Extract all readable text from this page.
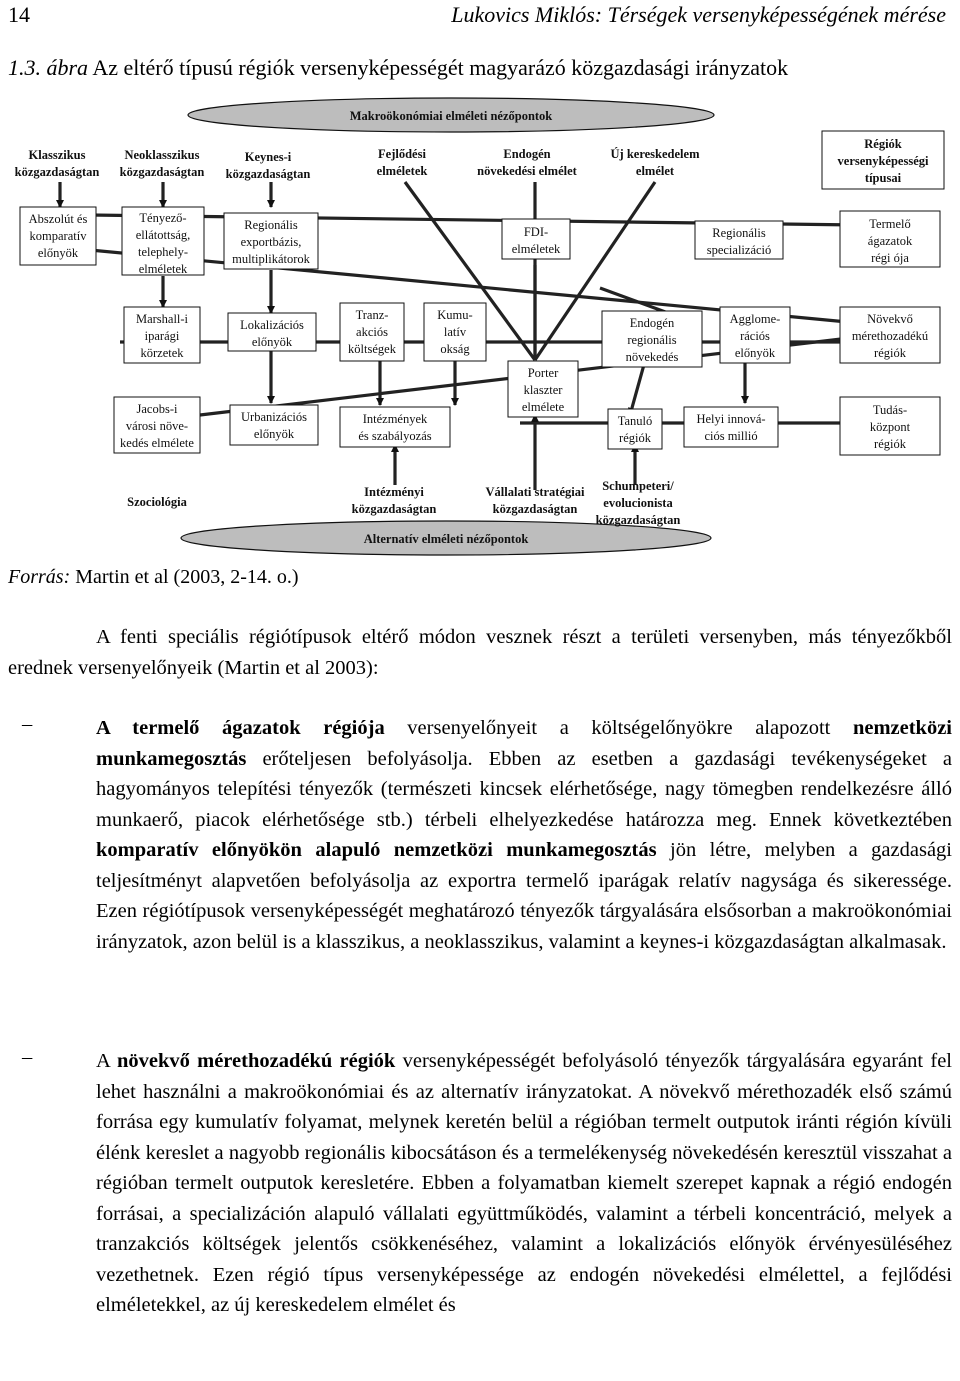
14	Lukovics Miklós: Térségek versenyképességének mérése
1.3. ábra Az eltérő típusú régiók versenyképességét magyarázó közgazdasági irányzatok
Klasszikus
közgazdaságtan
Neoklasszikus
közgazdaságtan
Keynes-i
közgazdaságtan
Fejlődési
elméletek
Endogén
növekedési elmélet
Új kereskedelem
elmélet
Makroökonómiai elméleti nézőpontok
Alternatív elméleti nézőpontok
Régiók
versenyképességi
típusai
Abszolút és
komparatív
előnyök
Tényező-
ellátottság,
telephely-
elméletek
Regionális
exportbázis,
multiplikátorok
FDI-
elméletek
Regionális
specializáció
Termelő
ágazatok
régi ója
Marshall-i
iparági
körzetek
Lokalizációs
előnyök
Tranz-
akciós
költségek
Kumu-
latív
okság
Porter
klaszter
elmélete
Endogén
regionális
növekedés
Agglome-
rációs
előnyök
Növekvő
mérethozadékú
régiók
Jacobs-i
városi növe-
kedés elmélete
Urbanizációs
előnyök
Intézmények
és szabályozás
Tanuló
régiók
Helyi innová-
ciós millió
Tudás-
központ
régiók
Szociológia
Intézményi
közgazdaságtan
Vállalati stratégiai
közgazdaságtan
Schumpeteri/
evolucionista
közgazdaságtan
Forrás: Martin et al (2003, 2-14. o.)
A fenti speciális régiótípusok eltérő módon vesznek részt a területi versenyben, más tényezőkből erednek versenyelőnyeik (Martin et al 2003):
–	A termelő ágazatok régiója versenyelőnyeit a költségelőnyökre alapozott nemzetközi munkamegosztás erőteljesen befolyásolja. Ebben az esetben a gazdasági tevékenységeket a hagyományos telepítési tényezők (természeti kincsek elérhetősége, nagy tömegben rendelkezésre álló munkaerő, piacok elérhetősége stb.) térbeli elhelyezkedése határozza meg. Ennek következtében komparatív előnyökön alapuló nemzetközi munkamegosztás jön létre, melyben a gazdasági teljesítményt alapvetően befolyásolja az exportra termelő iparágak relatív nagysága és sikeressége. Ezen régiótípusok versenyképességét meghatározó tényezők tárgyalására elsősorban a makroökonómiai irányzatok, azon belül is a klasszikus, a neoklasszikus, valamint a keynes-i közgazdaságtan alkalmasak.
–	A növekvő mérethozadékú régiók versenyképességét befolyásoló tényezők tárgyalására egyaránt fel lehet használni a makroökonómiai és az alternatív irányzatokat. A növekvő mérethozadék első számú forrása egy kumulatív folyamat, melynek keretén belül a régióban termelt outputok iránti régión kívüli élénk kereslet a nagyobb regionális kibocsátáson és a termelékenység növekedésén keresztül visszahat a régióban termelt outputok keresletére. Ebben a folyamatban kiemelt szerepet kapnak a régió endogén forrásai, a specializáción alapuló vállalati együttműködés, valamint a térbeli koncentráció, melyek a tranzakciós költségek jelentős csökkenéséhez, valamint a lokalizációs előnyök érvényesüléséhez vezethetnek. Ezen régió típus versenyképessége az endogén növekedési elmélettel, a fejlődési elméletekkel, az új kereskedelem elmélet és
